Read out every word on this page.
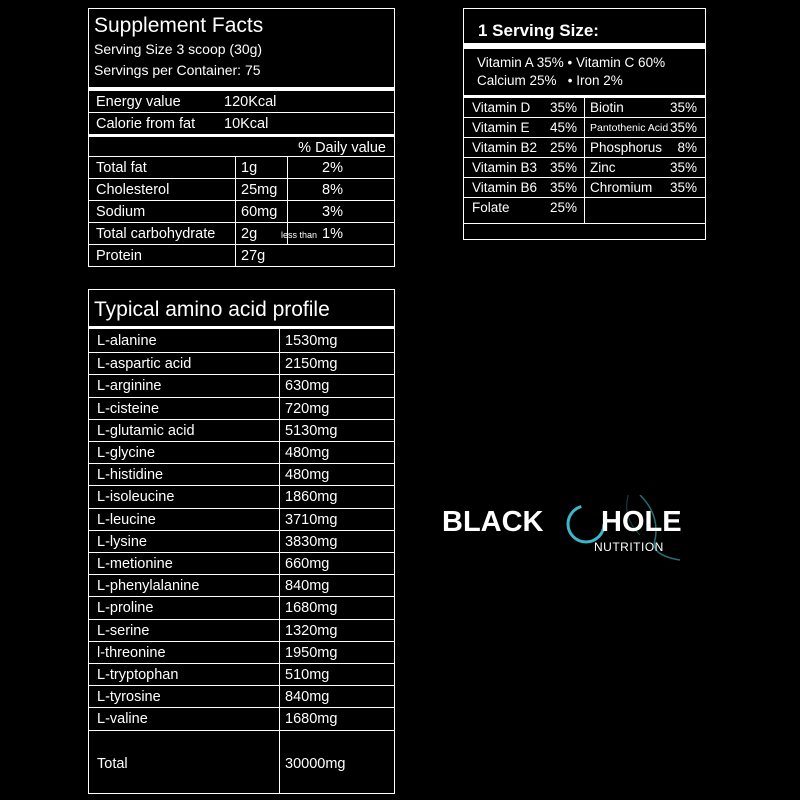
Supplement Facts
Serving Size 3 scoop (30g)
Servings per Container: 75
Energy value	120Kcal
Calorie from fat 10Kcal
% Daily value
Total fat	1g	2%
Cholesterol	25mg	8%
Sodium	60mg	3%
Total carbohydrate 2g	less than 1%
Protein	27g
Typical amino acid profile
L-alanine	1530mg
L-aspartic acid	2150mg
L-arginine	630mg
L-cisteine	720mg
L-glutamic acid	5130mg
L-glycine	480mg
L-histidine	480mg
L-isoleucine	1860mg
L-leucine	3710mg
L-lysine	3830mg
L-metionine	660mg
L-phenylalanine	840mg
L-proline	1680mg
L-serine	1320mg
l-threonine	1950mg
L-tryptophan	510mg
L-tyrosine	840mg
L-valine	1680mg
Total	30000mg
1 Serving Size:
Vitamin A 35% • Vitamin C 60%
Calcium 25%   • Iron 2%
Vitamin D 35% Biotin	35%
Vitamin E 45% Pantothenic Acid 35%
Vitamin B2 25% Phosphorus 8%
Vitamin B3 35% Zinc	35%
Vitamin B6 35% Chromium 35%
Folate	25%
BLACK HOLE
NUTRITION
